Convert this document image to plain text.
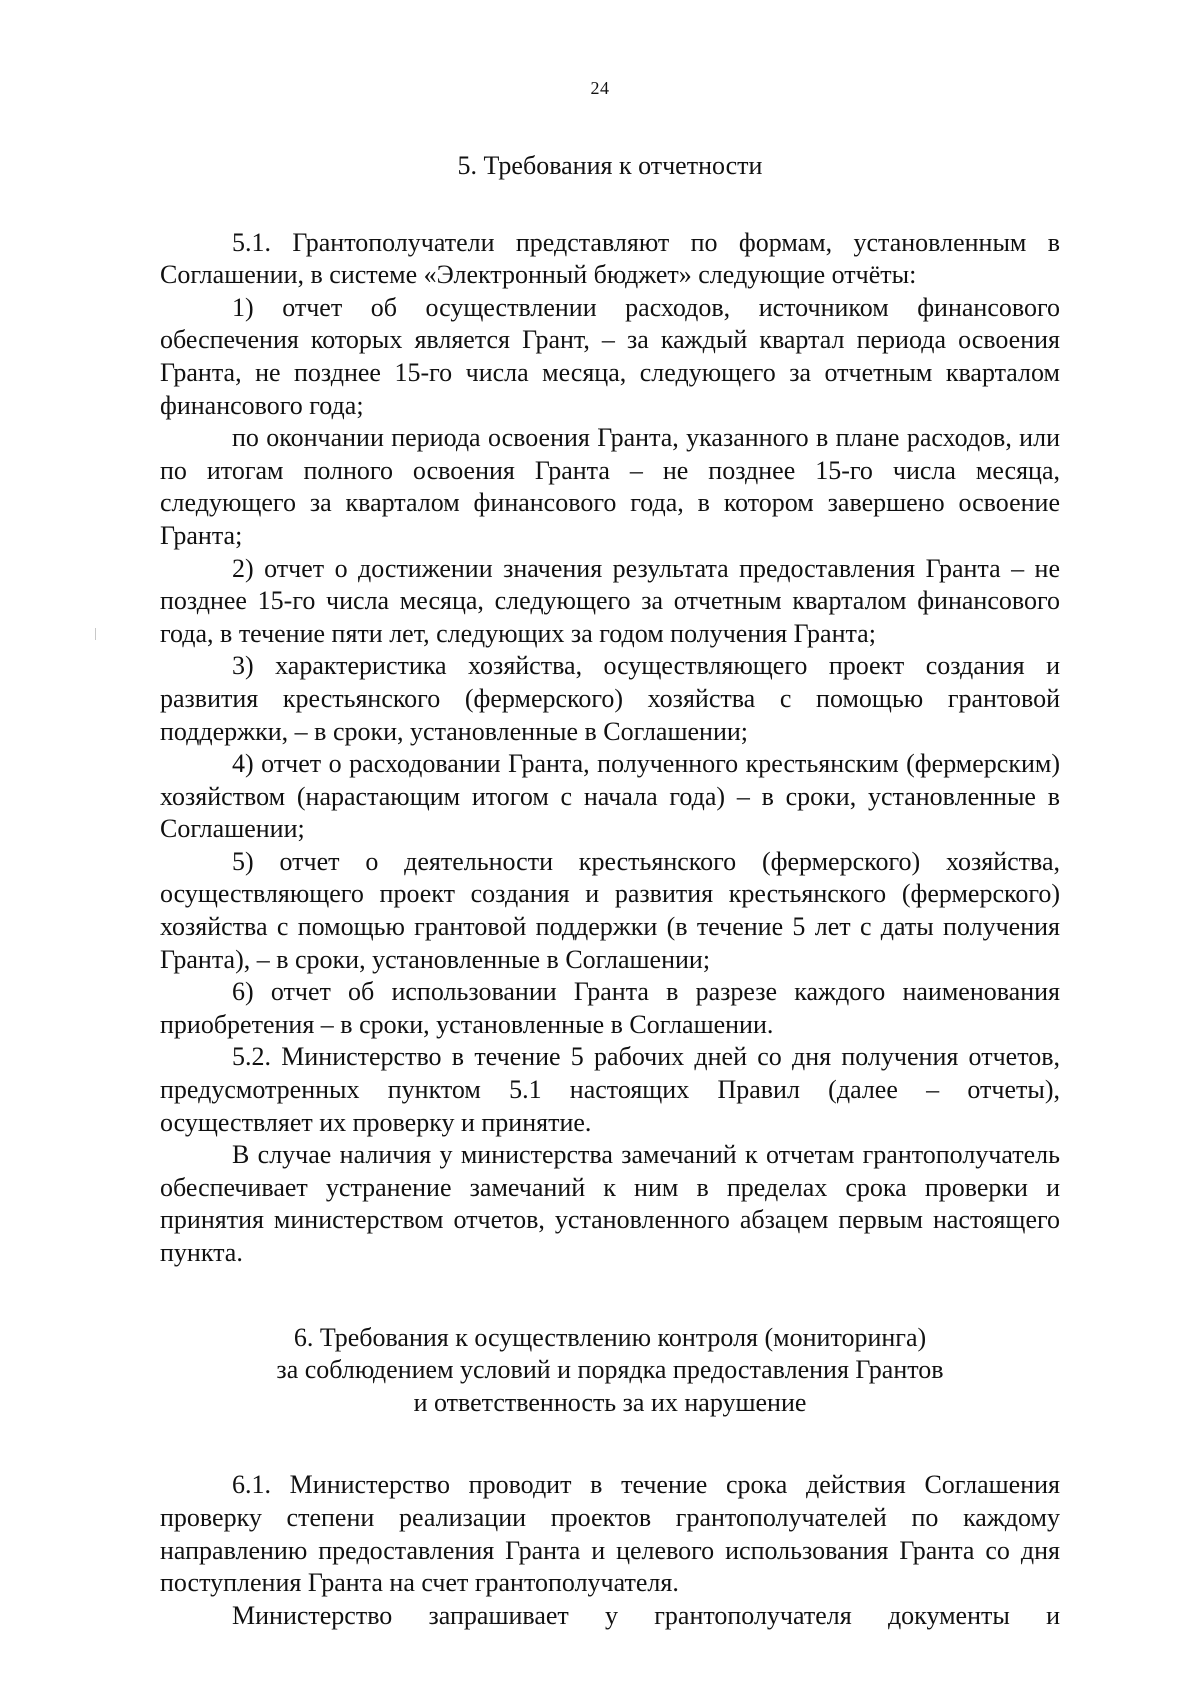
24
5. Требования к отчетности

5.1. Грантополучатели представляют по формам, установленным в Соглашении, в системе «Электронный бюджет» следующие отчёты:

1) отчет об осуществлении расходов, источником финансового обеспечения которых является Грант, – за каждый квартал периода освоения Гранта, не позднее 15-го числа месяца, следующего за отчетным кварталом финансового года;

по окончании периода освоения Гранта, указанного в плане расходов, или по итогам полного освоения Гранта – не позднее 15-го числа месяца, следующего за кварталом финансового года, в котором завершено освоение Гранта;

2) отчет о достижении значения результата предоставления Гранта – не позднее 15-го числа месяца, следующего за отчетным кварталом финансового года, в течение пяти лет, следующих за годом получения Гранта;

3) характеристика хозяйства, осуществляющего проект создания и развития крестьянского (фермерского) хозяйства с помощью грантовой поддержки, – в сроки, установленные в Соглашении;

4) отчет о расходовании Гранта, полученного крестьянским (фермерским) хозяйством (нарастающим итогом с начала года) – в сроки, установленные в Соглашении;

5) отчет о деятельности крестьянского (фермерского) хозяйства, осуществляющего проект создания и развития крестьянского (фермерского) хозяйства с помощью грантовой поддержки (в течение 5 лет с даты получения Гранта), – в сроки, установленные в Соглашении;

6) отчет об использовании Гранта в разрезе каждого наименования приобретения – в сроки, установленные в Соглашении.

5.2. Министерство в течение 5 рабочих дней со дня получения отчетов, предусмотренных пунктом 5.1 настоящих Правил (далее – отчеты), осуществляет их проверку и принятие.

В случае наличия у министерства замечаний к отчетам грантополучатель обеспечивает устранение замечаний к ним в пределах срока проверки и принятия министерством отчетов, установленного абзацем первым настоящего пункта.

6. Требования к осуществлению контроля (мониторинга)
за соблюдением условий и порядка предоставления Грантов
и ответственность за их нарушение

6.1. Министерство проводит в течение срока действия Соглашения проверку степени реализации проектов грантополучателей по каждому направлению предоставления Гранта и целевого использования Гранта со дня поступления Гранта на счет грантополучателя.

Министерство запрашивает у грантополучателя документы и
